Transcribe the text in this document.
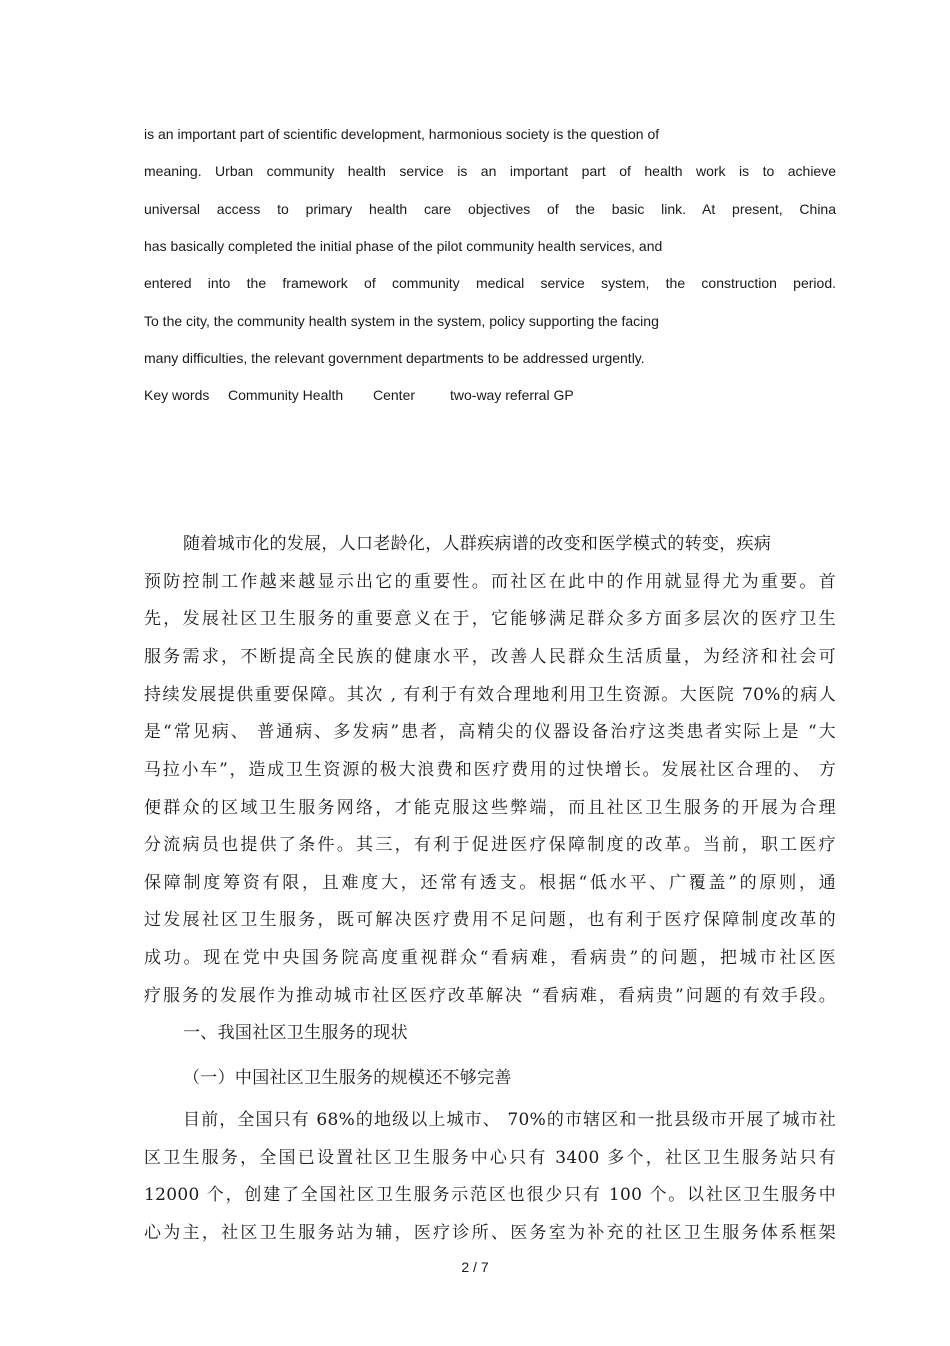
is an important part of scientific development, harmonious society is the question of
meaning. Urban community health service is an important part of health work is to achieve
universal access to primary health care objectives of the basic link. At present, China
has basically completed the initial phase of the pilot community health services, and
entered into the framework of community medical service system, the construction period.
To the city, the community health system in the system, policy supporting the facing
many difficulties, the relevant government departments to be addressed urgently.
Key words Community Health Center two-way referral GP
随着城市化的发展，人口老龄化，人群疾病谱的改变和医学模式的转变，疾病
预防控制工作越来越显示出它的重要性。而社区在此中的作用就显得尤为重要。首
先，发展社区卫生服务的重要意义在于，它能够满足群众多方面多层次的医疗卫生
服务需求，不断提高全民族的健康水平，改善人民群众生活质量，为经济和社会可
持续发展提供重要保障。其次 , 有利于有效合理地利用卫生资源。大医院 70%的病人
是“常见病、 普通病、多发病”患者，高精尖的仪器设备治疗这类患者实际上是 “大
马拉小车”，造成卫生资源的极大浪费和医疗费用的过快增长。发展社区合理的、 方
便群众的区域卫生服务网络，才能克服这些弊端，而且社区卫生服务的开展为合理
分流病员也提供了条件。其三，有利于促进医疗保障制度的改革。当前，职工医疗
保障制度筹资有限，且难度大，还常有透支。根据“低水平、广覆盖”的原则，通
过发展社区卫生服务，既可解决医疗费用不足问题，也有利于医疗保障制度改革的
成功。现在党中央国务院高度重视群众“看病难，看病贵”的问题，把城市社区医
疗服务的发展作为推动城市社区医疗改革解决 “看病难，看病贵”问题的有效手段。
一、我国社区卫生服务的现状
（一）中国社区卫生服务的规模还不够完善
目前，全国只有 68%的地级以上城市、 70%的市辖区和一批县级市开展了城市社
区卫生服务，全国已设置社区卫生服务中心只有 3400 多个，社区卫生服务站只有
12000 个，创建了全国社区卫生服务示范区也很少只有 100 个。以社区卫生服务中
心为主，社区卫生服务站为辅，医疗诊所、医务室为补充的社区卫生服务体系框架
2 / 7
